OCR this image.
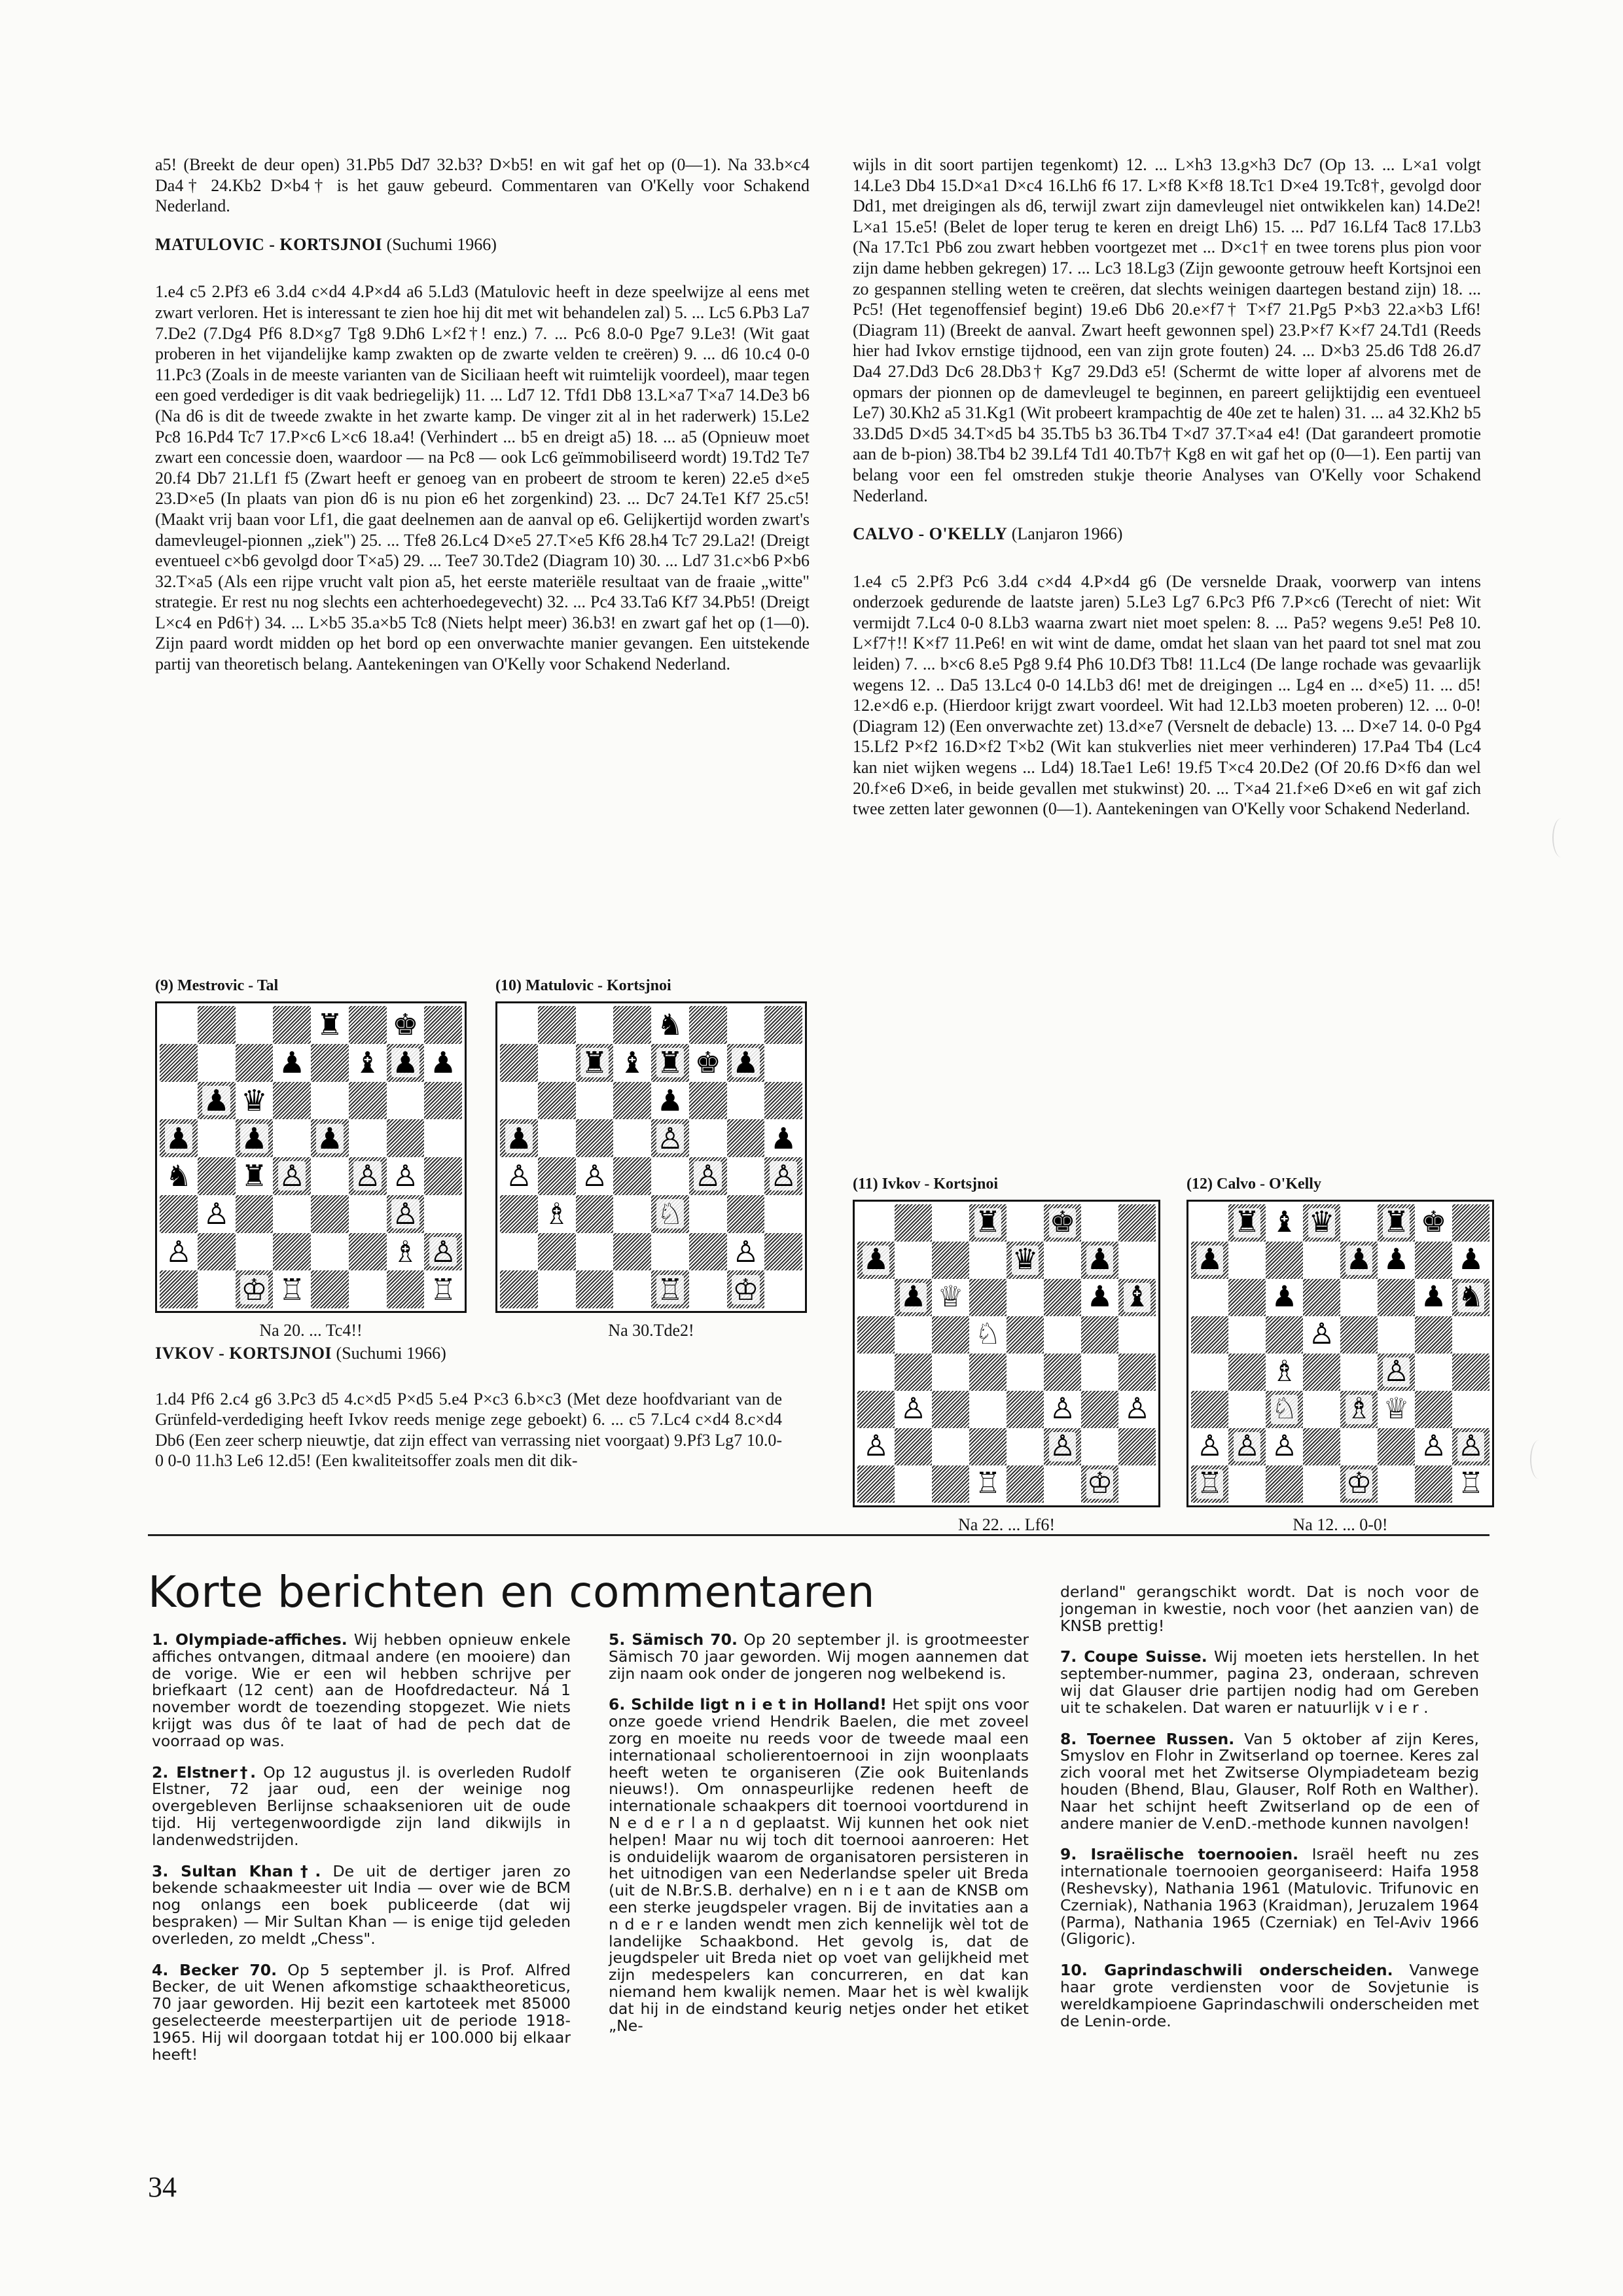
a5! (Breekt de deur open) 31.Pb5 Dd7 32.b3? D×b5! en wit gaf het op (0—1). Na 33.b×c4 Da4† 24.Kb2 D×b4† is het gauw gebeurd. Commentaren van O'Kelly voor Schakend Nederland.

MATULOVIC - KORTSJNOI (Suchumi 1966)

1.e4 c5 2.Pf3 e6 3.d4 c×d4 4.P×d4 a6 5.Ld3 (Matulovic heeft in deze speelwijze al eens met zwart verloren. Het is interessant te zien hoe hij dit met wit behandelen zal) 5. ... Lc5 6.Pb3 La7 7.De2 (7.Dg4 Pf6 8.D×g7 Tg8 9.Dh6 L×f2†! enz.) 7. ... Pc6 8.0-0 Pge7 9.Le3! (Wit gaat proberen in het vijandelijke kamp zwakten op de zwarte velden te creëren) 9. ... d6 10.c4 0-0 11.Pc3 (Zoals in de meeste varianten van de Siciliaan heeft wit ruimtelijk voordeel), maar tegen een goed verdediger is dit vaak bedriegelijk) 11. ... Ld7 12. Tfd1 Db8 13.L×a7 T×a7 14.De3 b6 (Na d6 is dit de tweede zwakte in het zwarte kamp. De vinger zit al in het raderwerk) 15.Le2 Pc8 16.Pd4 Tc7 17.P×c6 L×c6 18.a4! (Verhindert ... b5 en dreigt a5) 18. ... a5 (Opnieuw moet zwart een concessie doen, waardoor — na Pc8 — ook Lc6 geïmmobiliseerd wordt) 19.Td2 Te7 20.f4 Db7 21.Lf1 f5 (Zwart heeft er genoeg van en probeert de stroom te keren) 22.e5 d×e5 23.D×e5 (In plaats van pion d6 is nu pion e6 het zorgenkind) 23. ... Dc7 24.Te1 Kf7 25.c5! (Maakt vrij baan voor Lf1, die gaat deelnemen aan de aanval op e6. Gelijkertijd worden zwart's damevleugel-pionnen „ziek") 25. ... Tfe8 26.Lc4 D×e5 27.T×e5 Kf6 28.h4 Tc7 29.La2! (Dreigt eventueel c×b6 gevolgd door T×a5) 29. ... Tee7 30.Tde2 (Diagram 10) 30. ... Ld7 31.c×b6 P×b6 32.T×a5 (Als een rijpe vrucht valt pion a5, het eerste materiële resultaat van de fraaie „witte" strategie. Er rest nu nog slechts een achterhoedegevecht) 32. ... Pc4 33.Ta6 Kf7 34.Pb5! (Dreigt L×c4 en Pd6†) 34. ... L×b5 35.a×b5 Tc8 (Niets helpt meer) 36.b3! en zwart gaf het op (1—0). Zijn paard wordt midden op het bord op een onverwachte manier gevangen. Een uitstekende partij van theoretisch belang. Aantekeningen van O'Kelly voor Schakend Nederland.

(9) Mestrovic - Tal
♜ ♚
♟ ♝ ♟ ♟
♟ ♛
♟ ♟ ♟
♞ ♜ ♙ ♙ ♙
♙	♙
♙	♗ ♙
♔ ♖	♖
Na 20. ... Tc4!!
(10) Matulovic - Kortsjnoi
♞
♜ ♝ ♜ ♚ ♟
♟
♟	♙	♟
♙ ♙	♙ ♙
♗	♘
♙
♖ ♔
Na 30.Tde2!
IVKOV - KORTSJNOI (Suchumi 1966)

1.d4 Pf6 2.c4 g6 3.Pc3 d5 4.c×d5 P×d5 5.e4 P×c3 6.b×c3 (Met deze hoofdvariant van de Grünfeld-verdediging heeft Ivkov reeds menige zege geboekt) 6. ... c5 7.Lc4 c×d4 8.c×d4 Db6 (Een zeer scherp nieuwtje, dat zijn effect van verrassing niet voorgaat) 9.Pf3 Lg7 10.0-0 0-0 11.h3 Le6 12.d5! (Een kwaliteitsoffer zoals men dit dik-

wijls in dit soort partijen tegenkomt) 12. ... L×h3 13.g×h3 Dc7 (Op 13. ... L×a1 volgt 14.Le3 Db4 15.D×a1 D×c4 16.Lh6 f6 17. L×f8 K×f8 18.Tc1 D×e4 19.Tc8†, gevolgd door Dd1, met dreigingen als d6, terwijl zwart zijn damevleugel niet ontwikkelen kan) 14.De2! L×a1 15.e5! (Belet de loper terug te keren en dreigt Lh6) 15. ... Pd7 16.Lf4 Tac8 17.Lb3 (Na 17.Tc1 Pb6 zou zwart hebben voortgezet met ... D×c1† en twee torens plus pion voor zijn dame hebben gekregen) 17. ... Lc3 18.Lg3 (Zijn gewoonte getrouw heeft Kortsjnoi een zo gespannen stelling weten te creëren, dat slechts weinigen daartegen bestand zijn) 18. ... Pc5! (Het tegenoffensief begint) 19.e6 Db6 20.e×f7† T×f7 21.Pg5 P×b3 22.a×b3 Lf6! (Diagram 11) (Breekt de aanval. Zwart heeft gewonnen spel) 23.P×f7 K×f7 24.Td1 (Reeds hier had Ivkov ernstige tijdnood, een van zijn grote fouten) 24. ... D×b3 25.d6 Td8 26.d7 Da4 27.Dd3 Dc6 28.Db3† Kg7 29.Dd3 e5! (Schermt de witte loper af alvorens met de opmars der pionnen op de damevleugel te beginnen, en pareert gelijktijdig een eventueel Le7) 30.Kh2 a5 31.Kg1 (Wit probeert krampachtig de 40e zet te halen) 31. ... a4 32.Kh2 b5 33.Dd5 D×d5 34.T×d5 b4 35.Tb5 b3 36.Tb4 T×d7 37.T×a4 e4! (Dat garandeert promotie aan de b-pion) 38.Tb4 b2 39.Lf4 Td1 40.Tb7† Kg8 en wit gaf het op (0—1). Een partij van belang voor een fel omstreden stukje theorie Analyses van O'Kelly voor Schakend Nederland.

CALVO - O'KELLY (Lanjaron 1966)

1.e4 c5 2.Pf3 Pc6 3.d4 c×d4 4.P×d4 g6 (De versnelde Draak, voorwerp van intens onderzoek gedurende de laatste jaren) 5.Le3 Lg7 6.Pc3 Pf6 7.P×c6 (Terecht of niet: Wit vermijdt 7.Lc4 0-0 8.Lb3 waarna zwart niet moet spelen: 8. ... Pa5? wegens 9.e5! Pe8 10. L×f7†!! K×f7 11.Pe6! en wit wint de dame, omdat het slaan van het paard tot snel mat zou leiden) 7. ... b×c6 8.e5 Pg8 9.f4 Ph6 10.Df3 Tb8! 11.Lc4 (De lange rochade was gevaarlijk wegens 12. .. Da5 13.Lc4 0-0 14.Lb3 d6! met de dreigingen ... Lg4 en ... d×e5) 11. ... d5! 12.e×d6 e.p. (Hierdoor krijgt zwart voordeel. Wit had 12.Lb3 moeten proberen) 12. ... 0-0! (Diagram 12) (Een onverwachte zet) 13.d×e7 (Versnelt de debacle) 13. ... D×e7 14. 0-0 Pg4 15.Lf2 P×f2 16.D×f2 T×b2 (Wit kan stukverlies niet meer verhinderen) 17.Pa4 Tb4 (Lc4 kan niet wijken wegens ... Ld4) 18.Tae1 Le6! 19.f5 T×c4 20.De2 (Of 20.f6 D×f6 dan wel 20.f×e6 D×e6, in beide gevallen met stukwinst) 20. ... T×a4 21.f×e6 D×e6 en wit gaf zich twee zetten later gewonnen (0—1). Aantekeningen van O'Kelly voor Schakend Nederland.

(11) Ivkov - Kortsjnoi
♜ ♚
♟	♛ ♟
♟ ♕	♟ ♝
♘
♙	♙ ♙
♙	♙
♖	♔
Na 22. ... Lf6!
(12) Calvo - O'Kelly
♜ ♝ ♛ ♜ ♚
♟	♟ ♟ ♟
♟	♟ ♞
♙
♗	♙
♘ ♗ ♕
♙ ♙ ♙	♙ ♙
♖	♔	♖
Na 12. ... 0-0!
Korte berichten en commentaren

1. Olympiade-affiches. Wij hebben opnieuw enkele affiches ontvangen, ditmaal andere (en mooiere) dan de vorige. Wie er een wil hebben schrijve per briefkaart (12 cent) aan de Hoofdredacteur. Ná 1 november wordt de toezending stopgezet. Wie niets krijgt was dus ôf te laat of had de pech dat de voorraad op was.

2. Elstner†. Op 12 augustus jl. is overleden Rudolf Elstner, 72 jaar oud, een der weinige nog overgebleven Berlijnse schaaksenioren uit de oude tijd. Hij vertegenwoordigde zijn land dikwijls in landenwedstrijden.

3. Sultan Khan†. De uit de dertiger jaren zo bekende schaakmeester uit India — over wie de BCM nog onlangs een boek publiceerde (dat wij bespraken) — Mir Sultan Khan — is enige tijd geleden overleden, zo meldt „Chess".

4. Becker 70. Op 5 september jl. is Prof. Alfred Becker, de uit Wenen afkomstige schaaktheoreticus, 70 jaar geworden. Hij bezit een kartoteek met 85000 geselecteerde meesterpartijen uit de periode 1918-1965. Hij wil doorgaan totdat hij er 100.000 bij elkaar heeft!

5. Sämisch 70. Op 20 september jl. is grootmeester Sämisch 70 jaar geworden. Wij mogen aannemen dat zijn naam ook onder de jongeren nog welbekend is.

6. Schilde ligt n i e t in Holland! Het spijt ons voor onze goede vriend Hendrik Baelen, die met zoveel zorg en moeite nu reeds voor de tweede maal een internationaal scholierentoernooi in zijn woonplaats heeft weten te organiseren (Zie ook Buitenlands nieuws!). Om onnaspeurlijke redenen heeft de internationale schaakpers dit toernooi voortdurend in N e d e r l a n d geplaatst. Wij kunnen het ook niet helpen! Maar nu wij toch dit toernooi aanroeren: Het is onduidelijk waarom de organisatoren persisteren in het uitnodigen van een Nederlandse speler uit Breda (uit de N.Br.S.B. derhalve) en n i e t aan de KNSB om een sterke jeugdspeler vragen. Bij de invitaties aan a n d e r e landen wendt men zich kennelijk wèl tot de landelijke Schaakbond. Het gevolg is, dat de jeugdspeler uit Breda niet op voet van gelijkheid met zijn medespelers kan concurreren, en dat kan niemand hem kwalijk nemen. Maar het is wèl kwalijk dat hij in de eindstand keurig netjes onder het etiket „Ne-

derland" gerangschikt wordt. Dat is noch voor de jongeman in kwestie, noch voor (het aanzien van) de KNSB prettig!

7. Coupe Suisse. Wij moeten iets herstellen. In het september-nummer, pagina 23, onderaan, schreven wij dat Glauser drie partijen nodig had om Gereben uit te schakelen. Dat waren er natuurlijk v i e r .

8. Toernee Russen. Van 5 oktober af zijn Keres, Smyslov en Flohr in Zwitserland op toernee. Keres zal zich vooral met het Zwitserse Olympiadeteam bezig houden (Bhend, Blau, Glauser, Rolf Roth en Walther). Naar het schijnt heeft Zwitserland op de een of andere manier de V.enD.-methode kunnen navolgen!

9. Israëlische toernooien. Israël heeft nu zes internationale toernooien georganiseerd: Haifa 1958 (Reshevsky), Nathania 1961 (Matulovic. Trifunovic en Czerniak), Nathania 1963 (Kraidman), Jeruzalem 1964 (Parma), Nathania 1965 (Czerniak) en Tel-Aviv 1966 (Gligoric).

10. Gaprindaschwili onderscheiden. Vanwege haar grote verdiensten voor de Sovjetunie is wereldkampioene Gaprindaschwili onderscheiden met de Lenin-orde.

34
